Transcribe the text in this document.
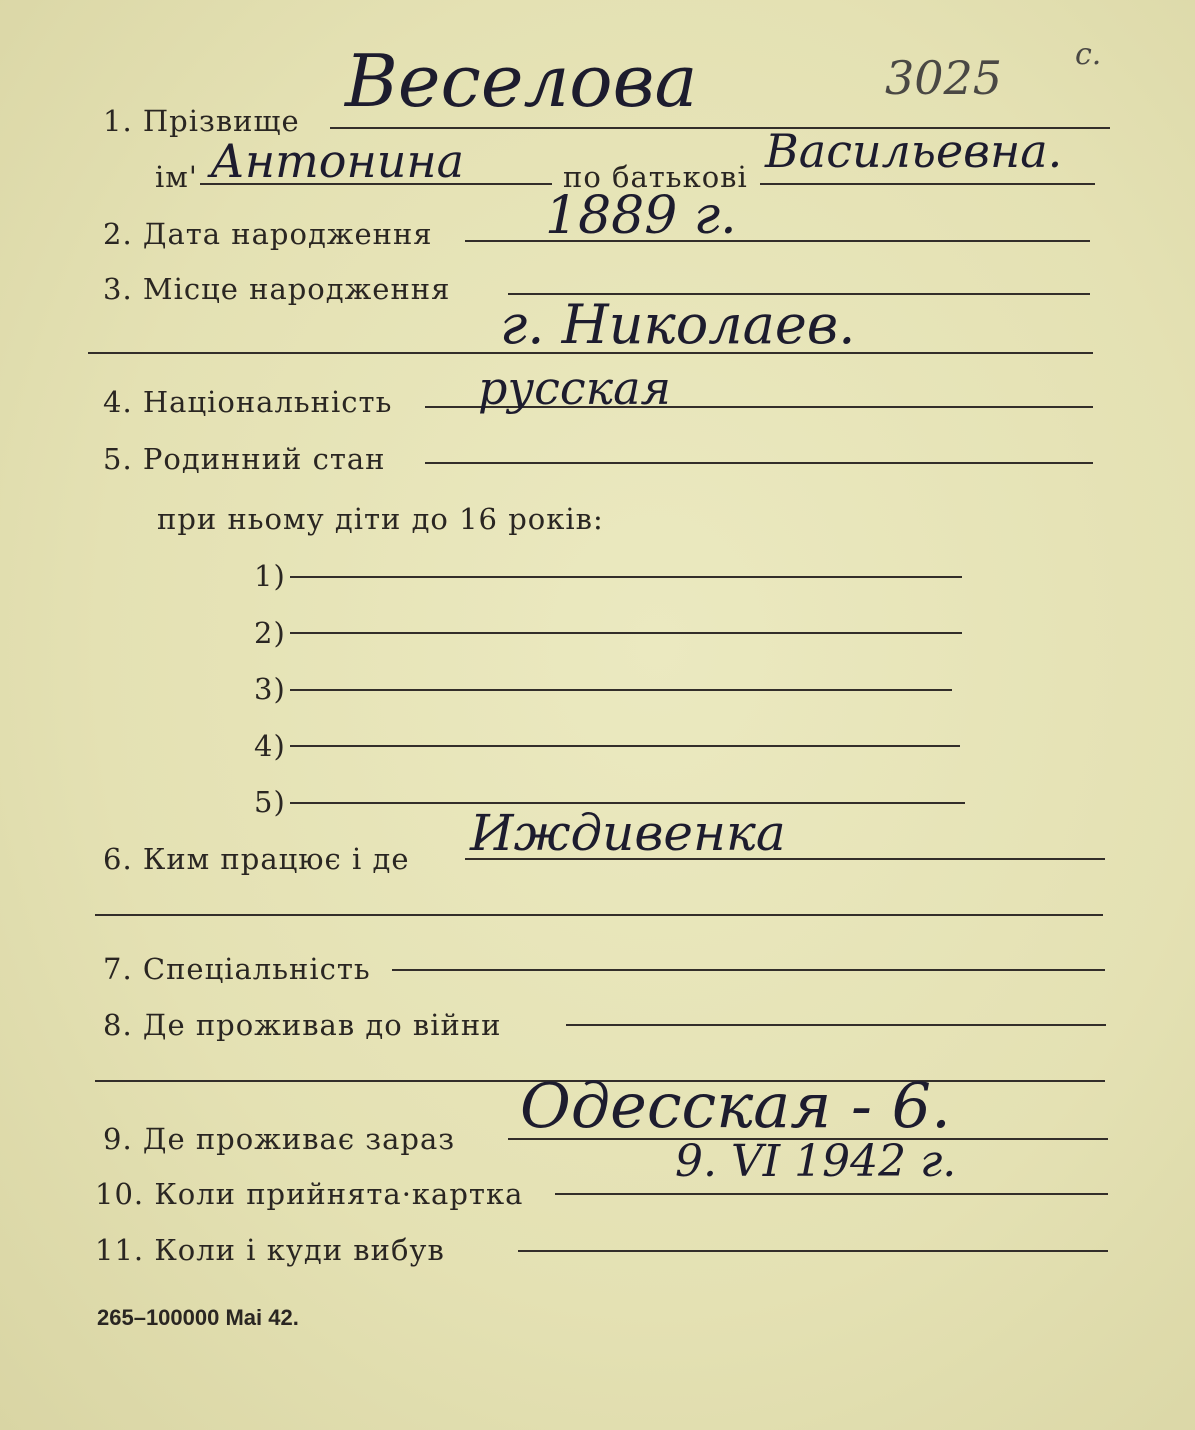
1. Прізвище Веселова	3025 с.
ім' Антонина	по батькові Васильевна.
2. Дата народження 1889 г.
3. Місце народження
г. Николаев.
4. Національність русская
5. Родинний стан
при ньому діти до 16 років:
1)
2)
3)
4)
5)
6. Ким працює і де Иждивенка
7. Спеціальність
8. Де проживав до війни
9. Де проживає зараз Одесская - 6.
10. Коли прийнята·картка
9. VI 1942 г.
11. Коли і куди вибув
265–100000 Mai 42.
